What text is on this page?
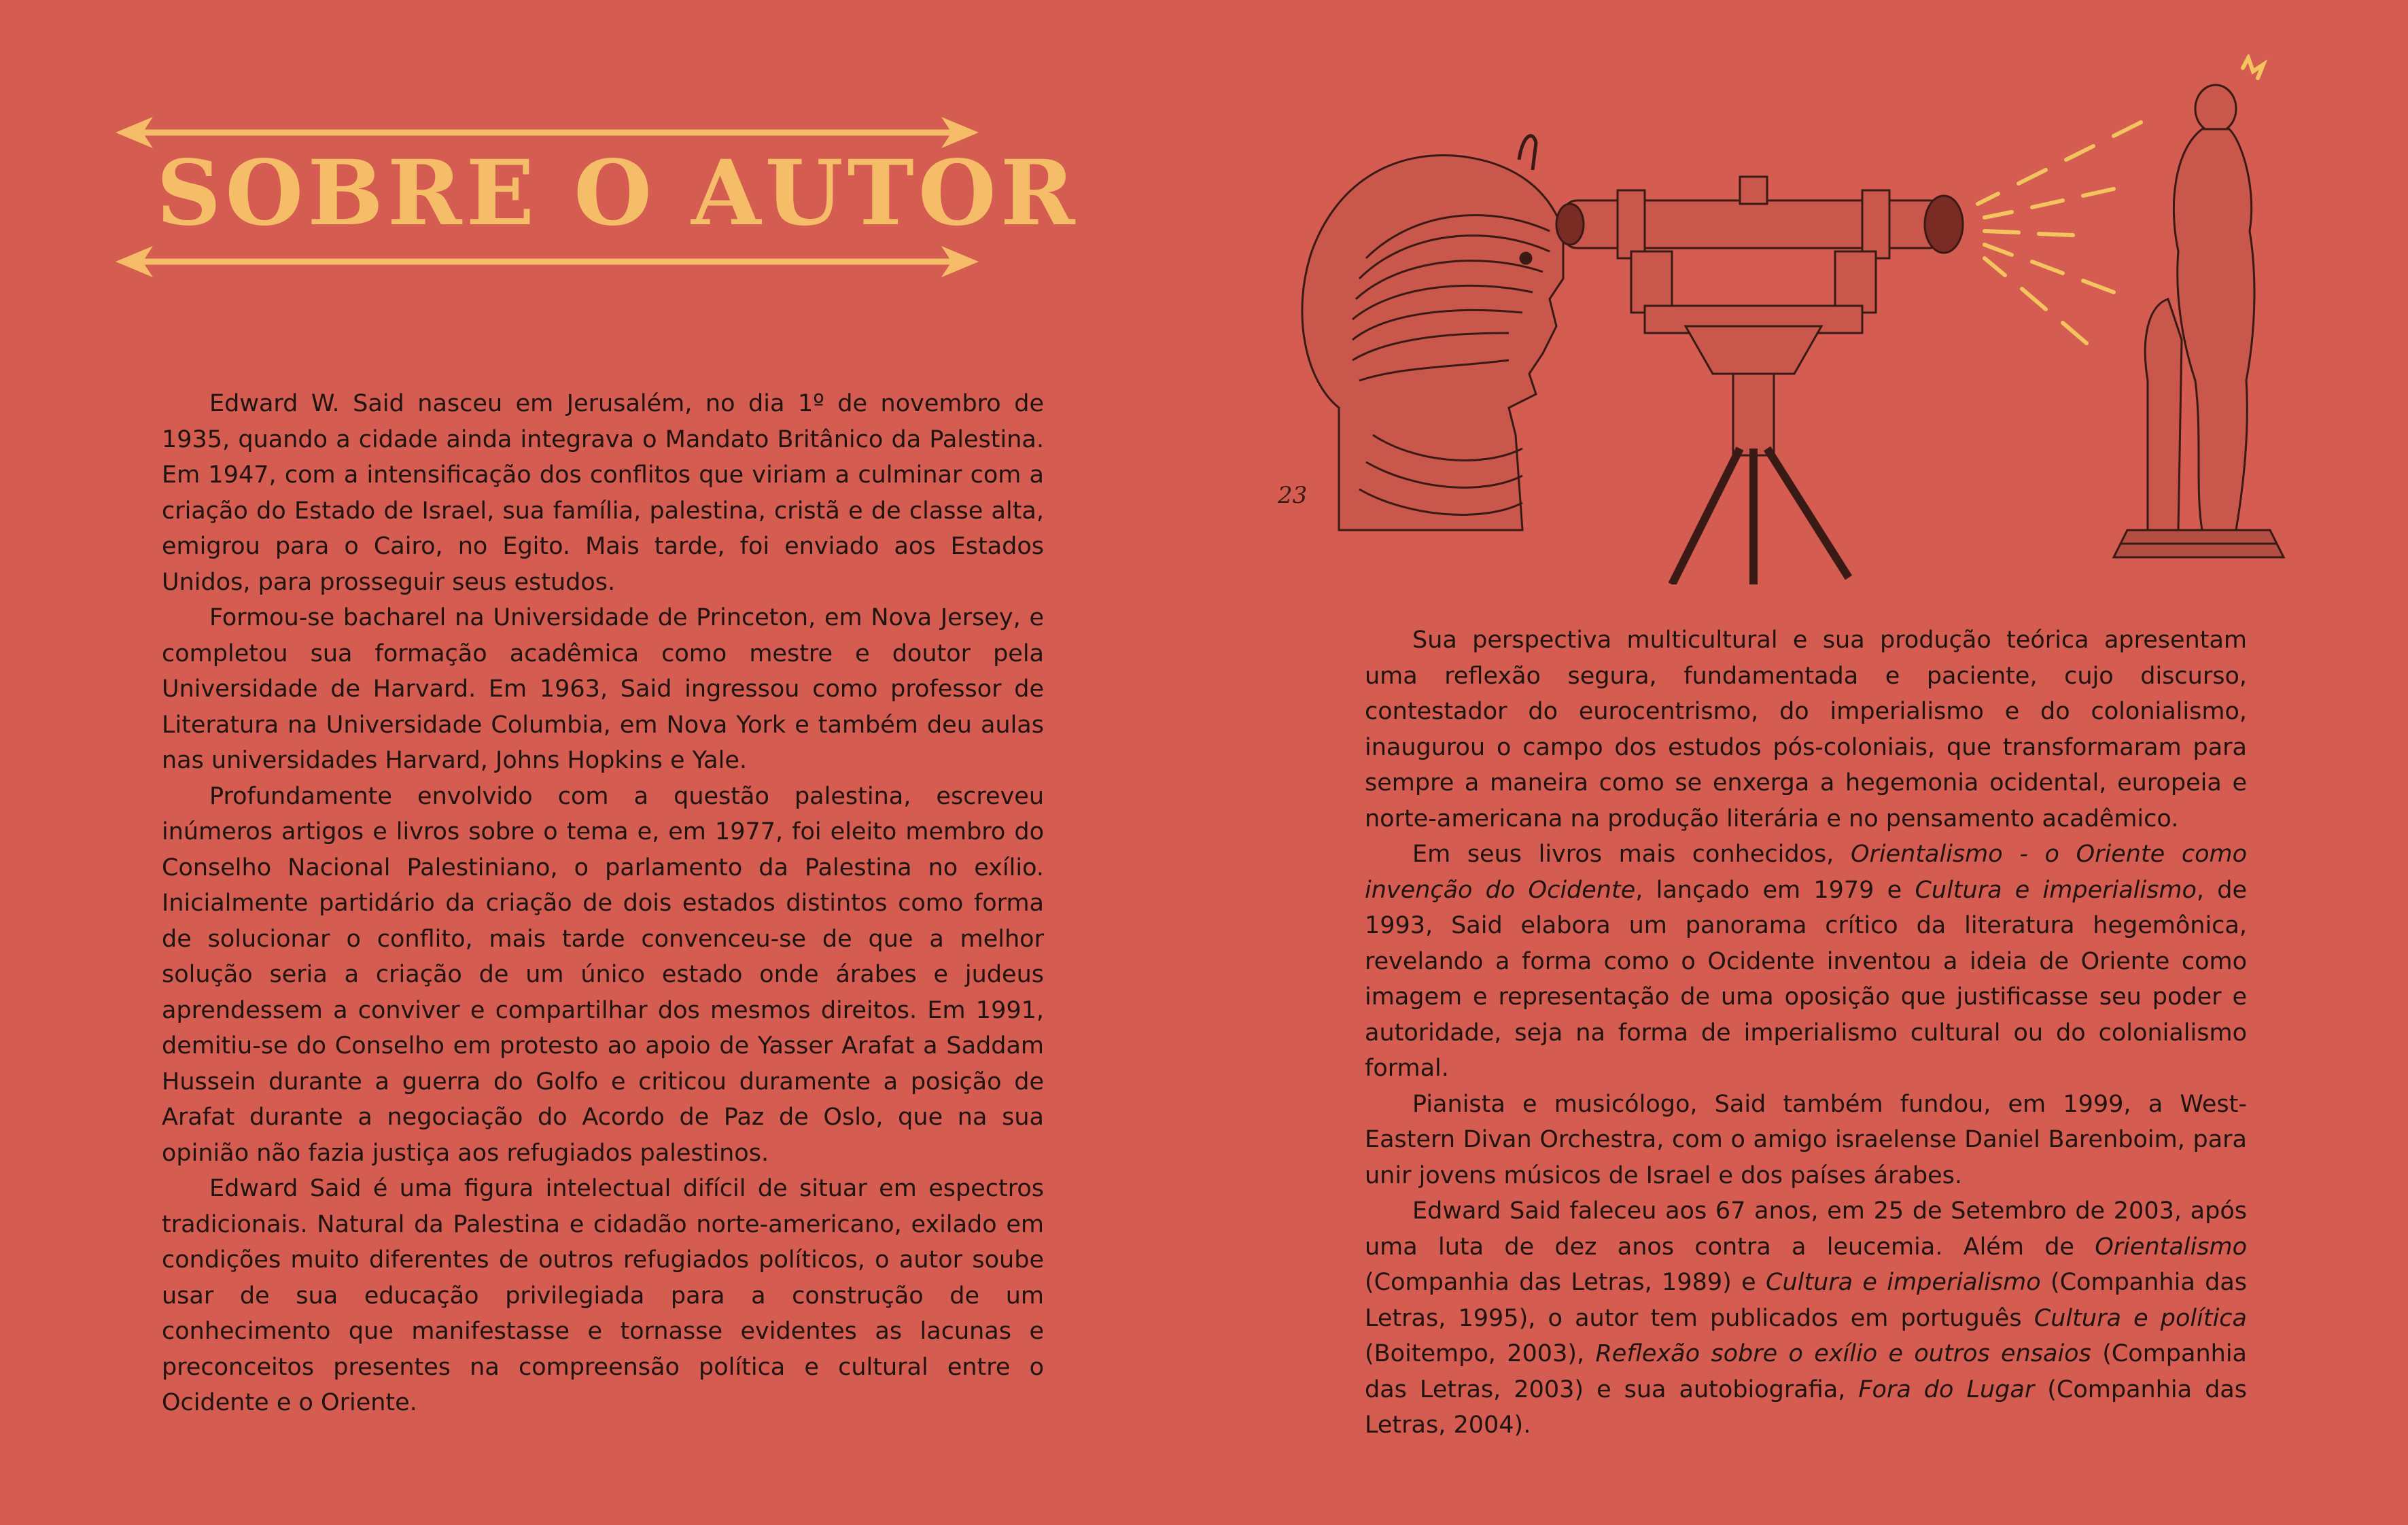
SOBRE O AUTOR

Edward W. Said nasceu em Jerusalém, no dia 1º de novembro de 1935, quando a cidade ainda integrava o Mandato Britânico da Palestina. Em 1947, com a intensificação dos conflitos que viriam a culminar com a criação do Estado de Israel, sua família, palestina, cristã e de classe alta, emigrou para o Cairo, no Egito. Mais tarde, foi enviado aos Estados Unidos, para prosseguir seus estudos.

Formou-se bacharel na Universidade de Princeton, em Nova Jersey, e completou sua formação acadêmica como mestre e doutor pela Universidade de Harvard. Em 1963, Said ingressou como professor de Literatura na Universidade Columbia, em Nova York e também deu aulas nas universidades Harvard, Johns Hopkins e Yale.

Profundamente envolvido com a questão palestina, escreveu inúmeros artigos e livros sobre o tema e, em 1977, foi eleito membro do Conselho Nacional Palestiniano, o parlamento da Palestina no exílio. Inicialmente partidário da criação de dois estados distintos como forma de solucionar o conflito, mais tarde convenceu-se de que a melhor solução seria a criação de um único estado onde árabes e judeus aprendessem a conviver e compartilhar dos mesmos direitos. Em 1991, demitiu-se do Conselho em protesto ao apoio de Yasser Arafat a Saddam Hussein durante a guerra do Golfo e criticou duramente a posição de Arafat durante a negociação do Acordo de Paz de Oslo, que na sua opinião não fazia justiça aos refugiados palestinos.

Edward Said é uma figura intelectual difícil de situar em espectros tradicionais. Natural da Palestina e cidadão norte-americano, exilado em condições muito diferentes de outros refugiados políticos, o autor soube usar de sua educação privilegiada para a construção de um conhecimento que manifestasse e tornasse evidentes as lacunas e preconceitos presentes na compreensão política e cultural entre o Ocidente e o Oriente.

23

Sua perspectiva multicultural e sua produção teórica apresentam uma reflexão segura, fundamentada e paciente, cujo discurso, contestador do eurocentrismo, do imperialismo e do colonialismo, inaugurou o campo dos estudos pós-coloniais, que transformaram para sempre a maneira como se enxerga a hegemonia ocidental, europeia e norte-americana na produção literária e no pensamento acadêmico.

Em seus livros mais conhecidos, Orientalismo - o Oriente como invenção do Ocidente, lançado em 1979 e Cultura e imperialismo, de 1993, Said elabora um panorama crítico da literatura hegemônica, revelando a forma como o Ocidente inventou a ideia de Oriente como imagem e representação de uma oposição que justificasse seu poder e autoridade, seja na forma de imperialismo cultural ou do colonialismo formal.

Pianista e musicólogo, Said também fundou, em 1999, a West-Eastern Divan Orchestra, com o amigo israelense Daniel Barenboim, para unir jovens músicos de Israel e dos países árabes.

Edward Said faleceu aos 67 anos, em 25 de Setembro de 2003, após uma luta de dez anos contra a leucemia. Além de Orientalismo (Companhia das Letras, 1989) e Cultura e imperialismo (Companhia das Letras, 1995), o autor tem publicados em português Cultura e política (Boitempo, 2003), Reflexão sobre o exílio e outros ensaios (Companhia das Letras, 2003) e sua autobiografia, Fora do Lugar (Companhia das Letras, 2004).
